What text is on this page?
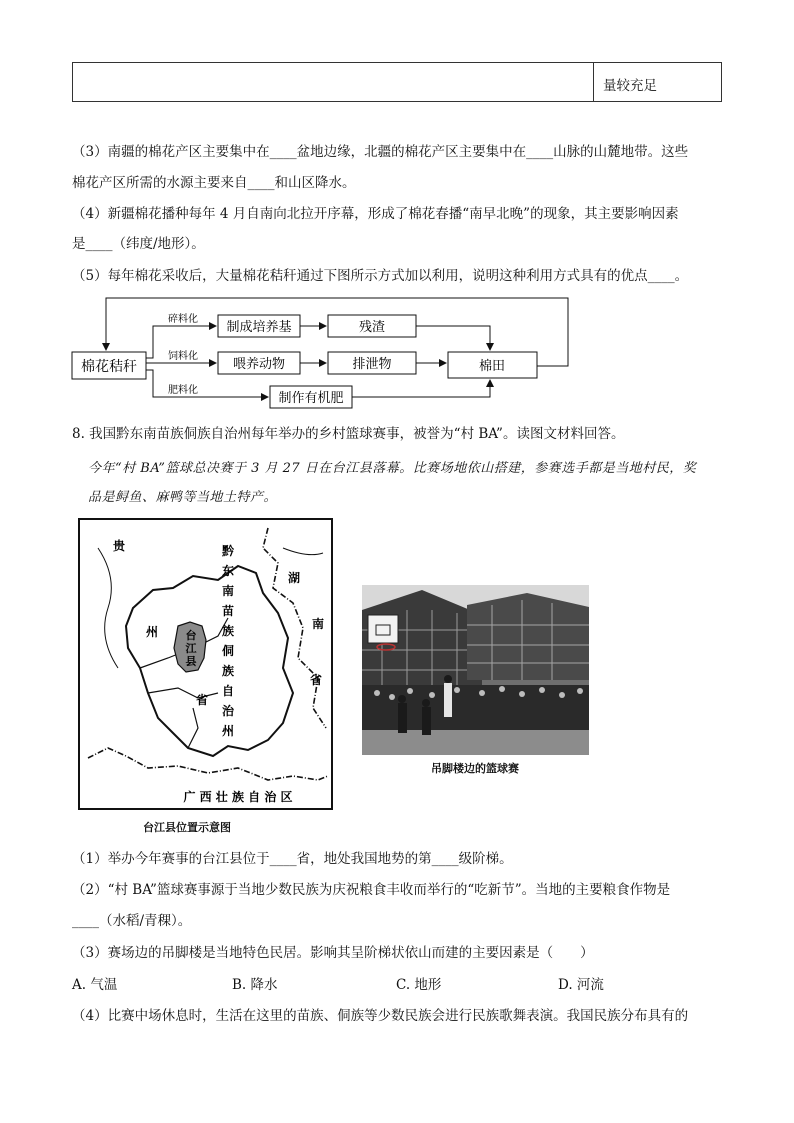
量较充足
（3）南疆的棉花产区主要集中在____盆地边缘，北疆的棉花产区主要集中在____山脉的山麓地带。这些
棉花产区所需的水源主要来自____和山区降水。
（4）新疆棉花播种每年 4 月自南向北拉开序幕，形成了棉花春播“南早北晚”的现象，其主要影响因素
是____（纬度/地形）。
（5）每年棉花采收后，大量棉花秸秆通过下图所示方式加以利用，说明这种利用方式具有的优点____。
棉花秸秆
碎料化
饲料化
肥料化
制成培养基	残渣
喂养动物	排泄物	棉田
制作有机肥
8. 我国黔东南苗族侗族自治州每年举办的乡村篮球赛事，被誉为“村 BA”。读图文材料回答。
今年“村 BA”篮球总决赛于 3 月 27 日在台江县落幕。比赛场地依山搭建，参赛选手都是当地村民，奖
品是鲟鱼、麻鸭等当地土特产。
台
江
县
贵
州
省
湖
南
省
黔
东
南
苗
族
侗
族
自
治
州
广 西 壮 族 自 治 区
台江县位置示意图
吊脚楼边的篮球赛
（1）举办今年赛事的台江县位于____省，地处我国地势的第____级阶梯。
（2）“村 BA”篮球赛事源于当地少数民族为庆祝粮食丰收而举行的“吃新节”。当地的主要粮食作物是
____（水稻/青稞）。
（3）赛场边的吊脚楼是当地特色民居。影响其呈阶梯状依山而建的主要因素是（　　）
A. 气温	B. 降水	C. 地形	D. 河流
（4）比赛中场休息时，生活在这里的苗族、侗族等少数民族会进行民族歌舞表演。我国民族分布具有的
